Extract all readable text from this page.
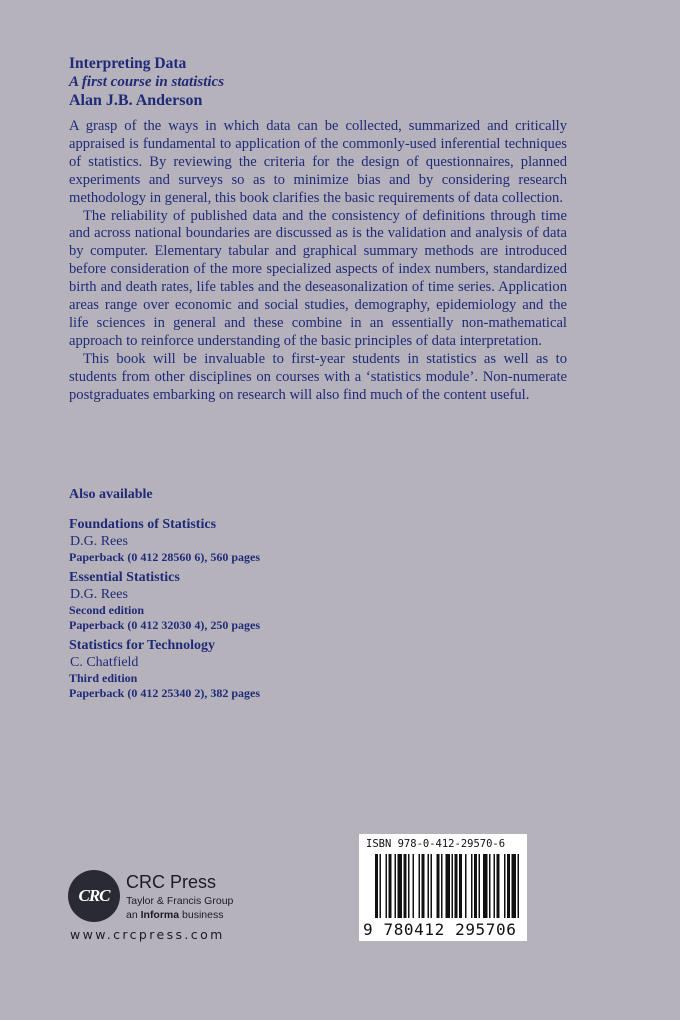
Interpreting Data
A first course in statistics
Alan J.B. Anderson

A grasp of the ways in which data can be collected, summarized and critically appraised is fundamental to application of the commonly-used inferential techniques of statistics. By reviewing the criteria for the design of questionnaires, planned experiments and surveys so as to minimize bias and by considering research methodology in general, this book clarifies the basic requirements of data collection.

The reliability of published data and the consistency of definitions through time and across national boundaries are discussed as is the validation and analysis of data by computer. Elementary tabular and graphical summary methods are introduced before consideration of the more specialized aspects of index numbers, standardized birth and death rates, life tables and the deseasonalization of time series. Application areas range over economic and social studies, demography, epidemiology and the life sciences in general and these combine in an essentially non-mathematical approach to reinforce understanding of the basic principles of data interpretation.

This book will be invaluable to first-year students in statistics as well as to students from other disciplines on courses with a ‘statistics module’. Non-numerate postgraduates embarking on research will also find much of the content useful.

Also available
Foundations of Statistics
D.G. Rees
Paperback (0 412 28560 6), 560 pages
Essential Statistics
D.G. Rees
Second edition
Paperback (0 412 32030 4), 250 pages
Statistics for Technology
C. Chatfield
Third edition
Paperback (0 412 25340 2), 382 pages
CRC
CRC Press
Taylor & Francis Group
an Informa business
www.crcpress.com
ISBN 978-0-412-29570-6
9 780412 295706
